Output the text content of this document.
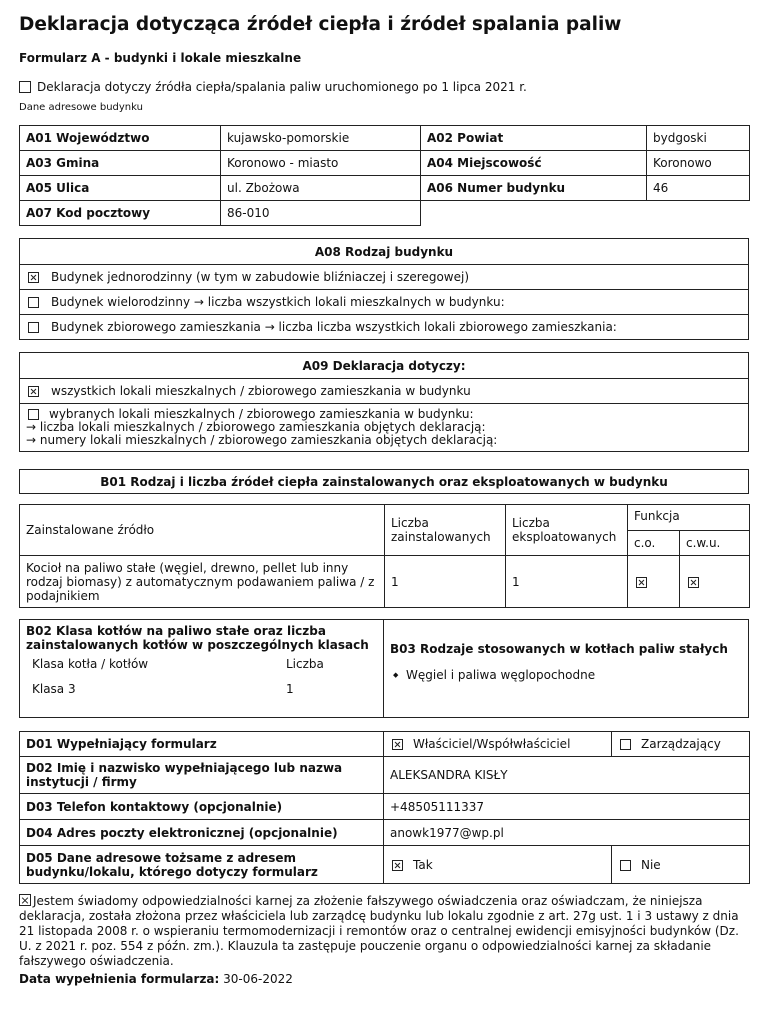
Deklaracja dotycząca źródeł ciepła i źródeł spalania paliw
Formularz A - budynki i lokale mieszkalne
Deklaracja dotyczy źródła ciepła/spalania paliw uruchomionego po 1 lipca 2021 r.
Dane adresowe budynku
A01 Województwo	kujawsko-pomorskie	A02 Powiat	bydgoski
A03 Gmina	Koronowo - miasto	A04 Miejscowość	Koronowo
A05 Ulica	ul. Zbożowa	A06 Numer budynku	46
A07 Kod pocztowy	86-010		
A08 Rodzaj budynku
Budynek jednorodzinny (w tym w zabudowie bliźniaczej i szeregowej)
Budynek wielorodzinny → liczba wszystkich lokali mieszkalnych w budynku:
Budynek zbiorowego zamieszkania → liczba liczba wszystkich lokali zbiorowego zamieszkania:
A09 Deklaracja dotyczy:
wszystkich lokali mieszkalnych / zbiorowego zamieszkania w budynku
wybranych lokali mieszkalnych / zbiorowego zamieszkania w budynku:
→ liczba lokali mieszkalnych / zbiorowego zamieszkania objętych deklaracją:
→ numery lokali mieszkalnych / zbiorowego zamieszkania objętych deklaracją:
B01 Rodzaj i liczba źródeł ciepła zainstalowanych oraz eksploatowanych w budynku
Zainstalowane źródło	Liczba zainstalowanych	Liczba eksploatowanych	Funkcja	
			c.o.	c.w.u.
Kocioł na paliwo stałe (węgiel, drewno, pellet lub inny rodzaj biomasy) z automatycznym podawaniem paliwa / z podajnikiem	1	1		
B02 Klasa kotłów na paliwo stałe oraz liczba zainstalowanych kotłów w poszczególnych klasach
Klasa kotła / kotłów	Liczba
Klasa 3	1
B03 Rodzaje stosowanych w kotłach paliw stałych
◆ Węgiel i paliwa węglopochodne
D01 Wypełniający formularz	Właściciel/Współwłaściciel	Zarządzający
D02 Imię i nazwisko wypełniającego lub nazwa instytucji / firmy	ALEKSANDRA KISŁY	
D03 Telefon kontaktowy (opcjonalnie)	+48505111337	
D04 Adres poczty elektronicznej (opcjonalnie)	anowk1977@wp.pl	
D05 Dane adresowe tożsame z adresem budynku/lokalu, którego dotyczy formularz	Tak	Nie
Jestem świadomy odpowiedzialności karnej za złożenie fałszywego oświadczenia oraz oświadczam, że niniejsza deklaracja, została złożona przez właściciela lub zarządcę budynku lub lokalu zgodnie z art. 27g ust. 1 i 3 ustawy z dnia 21 listopada 2008 r. o wspieraniu termomodernizacji i remontów oraz o centralnej ewidencji emisyjności budynków (Dz. U. z 2021 r. poz. 554 z późn. zm.). Klauzula ta zastępuje pouczenie organu o odpowiedzialności karnej za składanie fałszywego oświadczenia.
Data wypełnienia formularza: 30-06-2022
